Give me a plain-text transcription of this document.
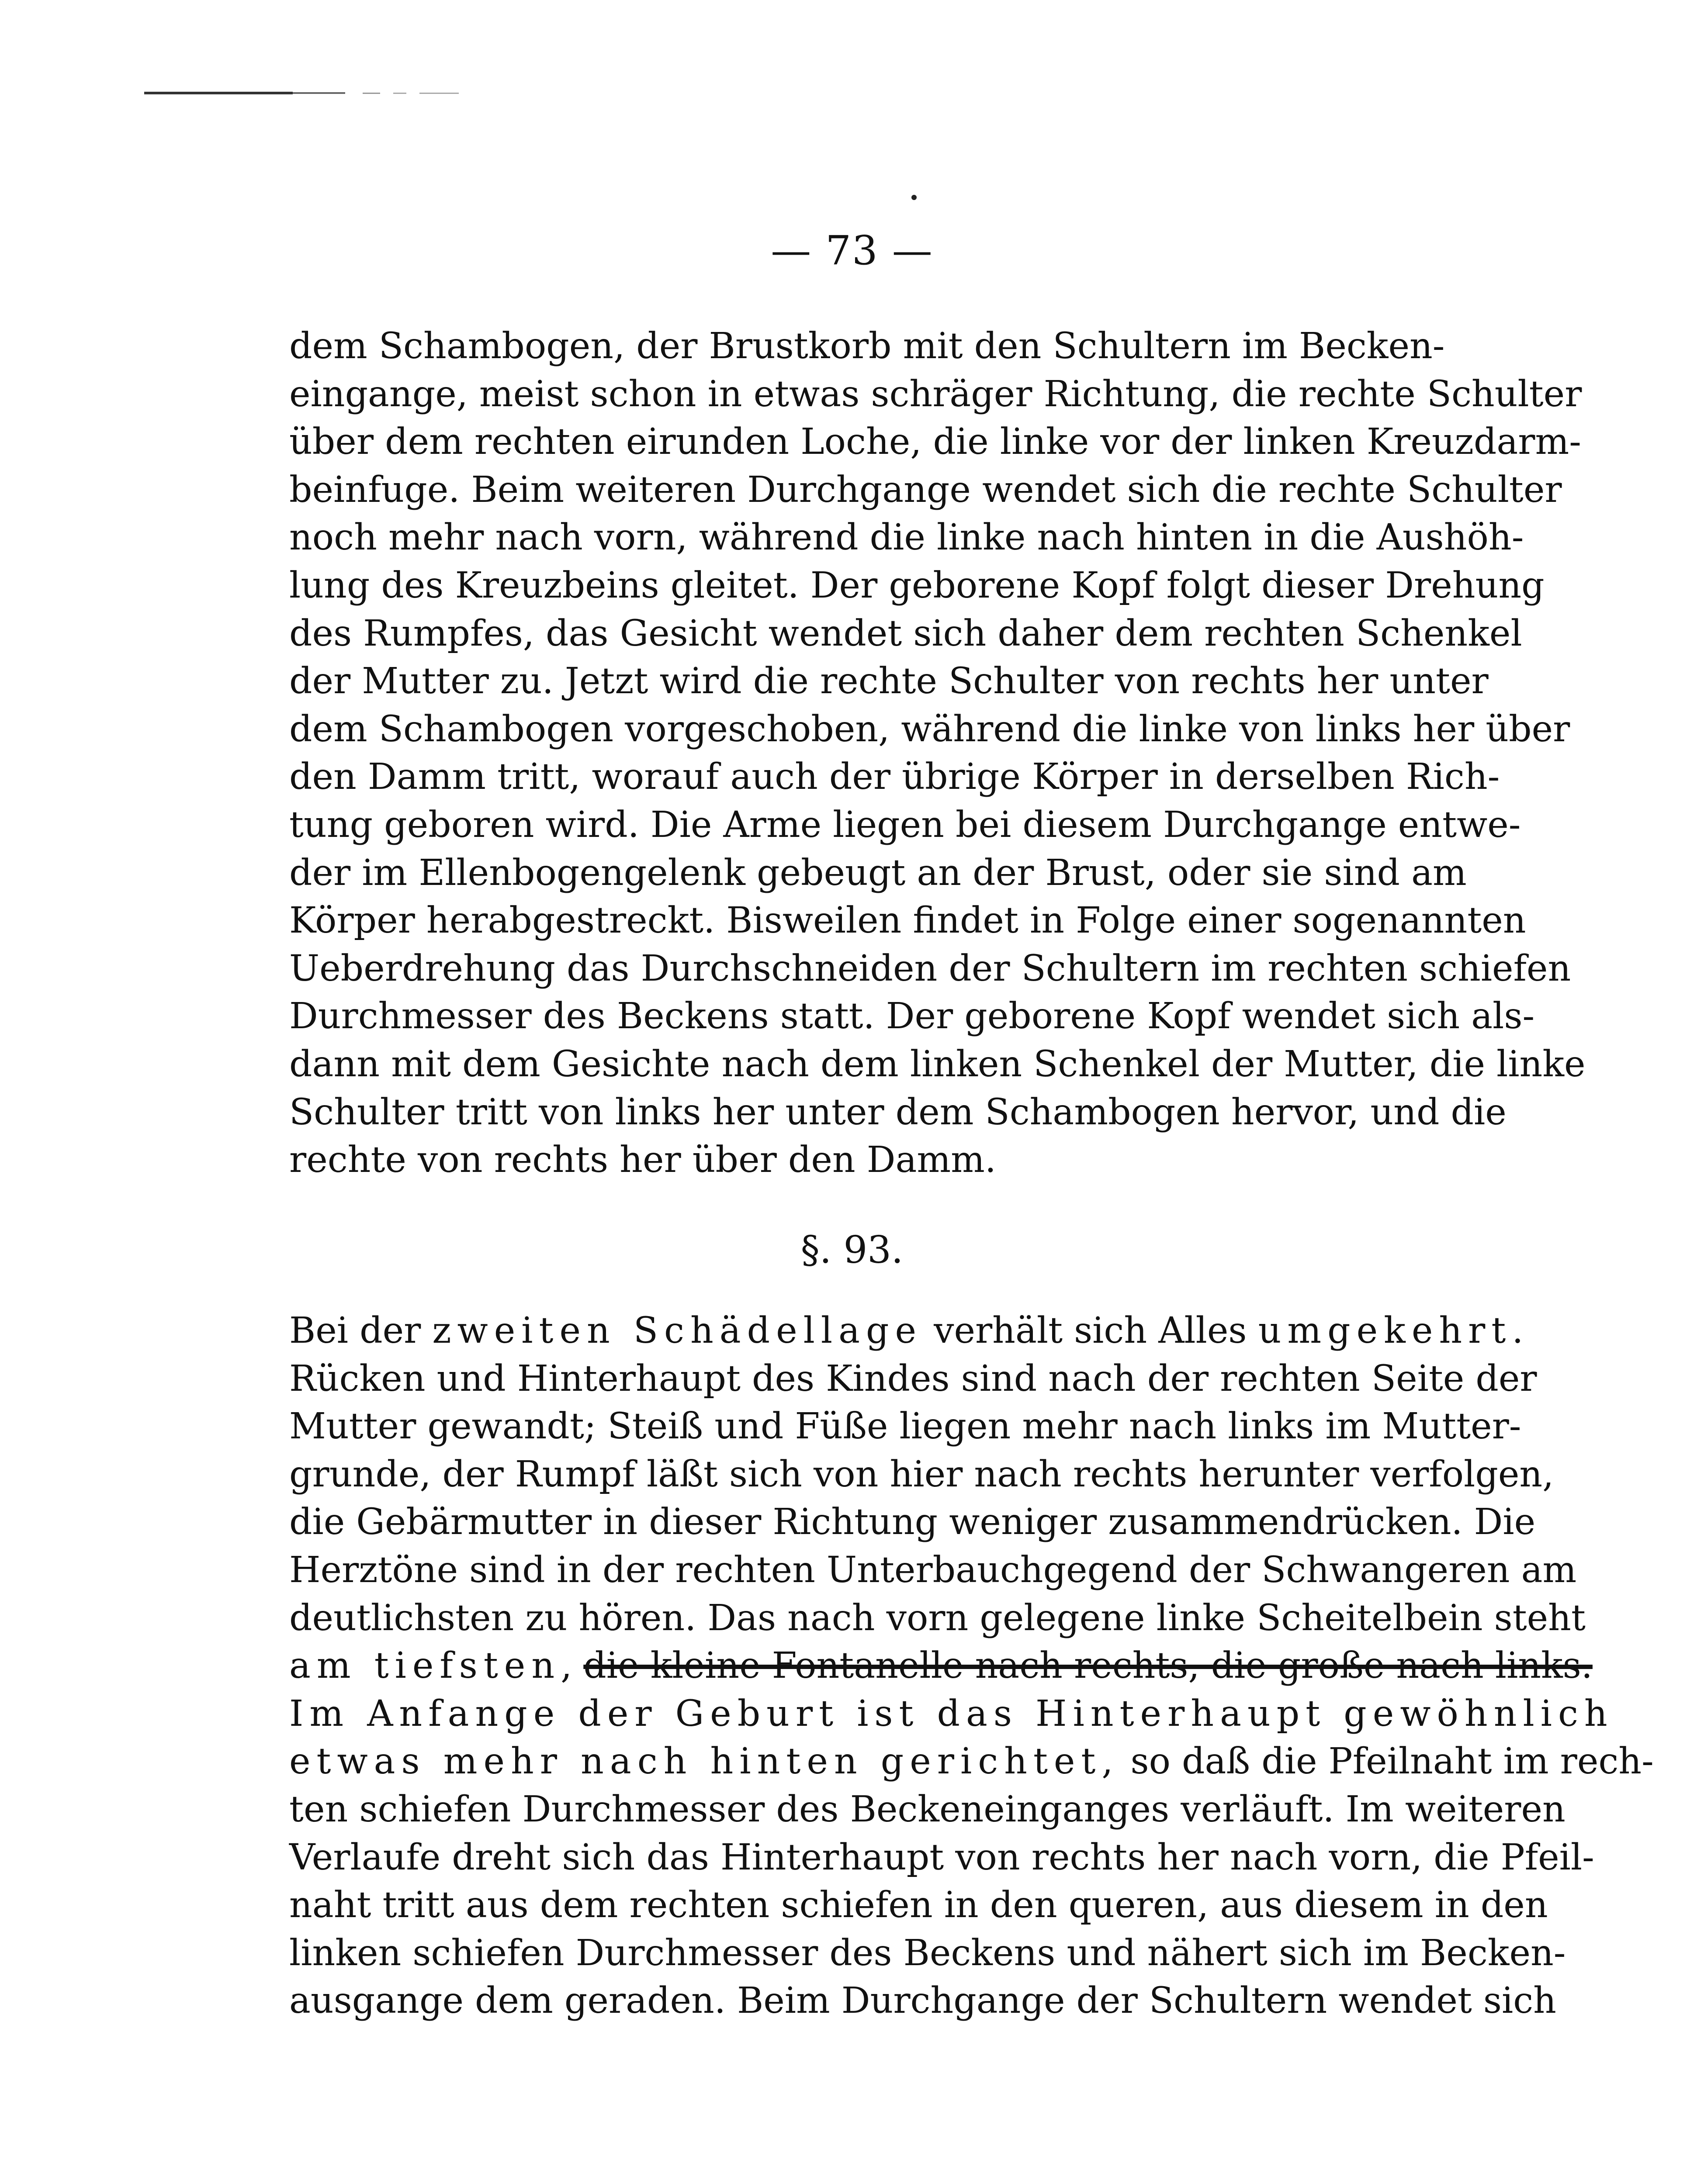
— 73 —
dem Schambogen, der Brustkorb mit den Schultern im Becken-
eingange, meist schon in etwas schräger Richtung, die rechte Schulter
über dem rechten eirunden Loche, die linke vor der linken Kreuzdarm-
beinfuge. Beim weiteren Durchgange wendet sich die rechte Schulter
noch mehr nach vorn, während die linke nach hinten in die Aushöh-
lung des Kreuzbeins gleitet. Der geborene Kopf folgt dieser Drehung
des Rumpfes, das Gesicht wendet sich daher dem rechten Schenkel
der Mutter zu. Jetzt wird die rechte Schulter von rechts her unter
dem Schambogen vorgeschoben, während die linke von links her über
den Damm tritt, worauf auch der übrige Körper in derselben Rich-
tung geboren wird. Die Arme liegen bei diesem Durchgange entwe-
der im Ellenbogengelenk gebeugt an der Brust, oder sie sind am
Körper herabgestreckt. Bisweilen findet in Folge einer sogenannten
Ueberdrehung das Durchschneiden der Schultern im rechten schiefen
Durchmesser des Beckens statt. Der geborene Kopf wendet sich als-
dann mit dem Gesichte nach dem linken Schenkel der Mutter, die linke
Schulter tritt von links her unter dem Schambogen hervor, und die
rechte von rechts her über den Damm.
§. 93.
Bei der zweiten Schädellage verhält sich Alles umgekehrt.
Rücken und Hinterhaupt des Kindes sind nach der rechten Seite der
Mutter gewandt; Steiß und Füße liegen mehr nach links im Mutter-
grunde, der Rumpf läßt sich von hier nach rechts herunter verfolgen,
die Gebärmutter in dieser Richtung weniger zusammendrücken. Die
Herztöne sind in der rechten Unterbauchgegend der Schwangeren am
deutlichsten zu hören. Das nach vorn gelegene linke Scheitelbein steht
am tiefsten, die kleine Fontanelle nach rechts, die große nach links.
Im Anfange der Geburt ist das Hinterhaupt gewöhnlich
etwas mehr nach hinten gerichtet, so daß die Pfeilnaht im rech-
ten schiefen Durchmesser des Beckeneinganges verläuft. Im weiteren
Verlaufe dreht sich das Hinterhaupt von rechts her nach vorn, die Pfeil-
naht tritt aus dem rechten schiefen in den queren, aus diesem in den
linken schiefen Durchmesser des Beckens und nähert sich im Becken-
ausgange dem geraden. Beim Durchgange der Schultern wendet sich
